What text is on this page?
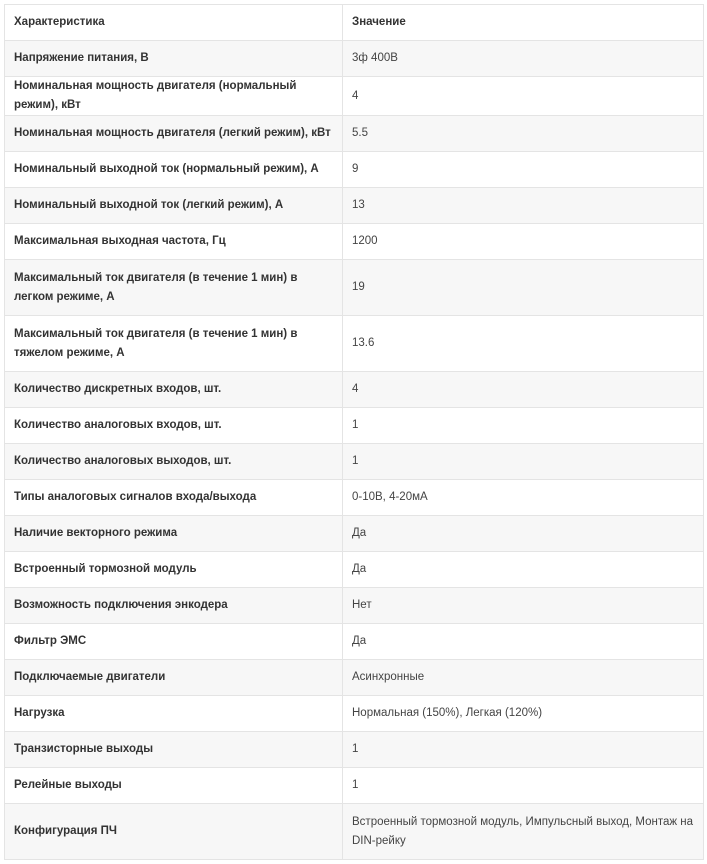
Характеристика	Значение
Напряжение питания, В	3ф 400В
Номинальная мощность двигателя (нормальный режим), кВт	4
Номинальная мощность двигателя (легкий режим), кВт	5.5
Номинальный выходной ток (нормальный режим), А	9
Номинальный выходной ток (легкий режим), А	13
Максимальная выходная частота, Гц	1200
Максимальный ток двигателя (в течение 1 мин) в легком режиме, А	19
Максимальный ток двигателя (в течение 1 мин) в тяжелом режиме, А	13.6
Количество дискретных входов, шт.	4
Количество аналоговых входов, шт.	1
Количество аналоговых выходов, шт.	1
Типы аналоговых сигналов входа/выхода	0-10В, 4-20мА
Наличие векторного режима	Да
Встроенный тормозной модуль	Да
Возможность подключения энкодера	Нет
Фильтр ЭМС	Да
Подключаемые двигатели	Асинхронные
Нагрузка	Нормальная (150%), Легкая (120%)
Транзисторные выходы	1
Релейные выходы	1
Конфигурация ПЧ	Встроенный тормозной модуль, Импульсный выход, Монтаж на DIN-рейку
